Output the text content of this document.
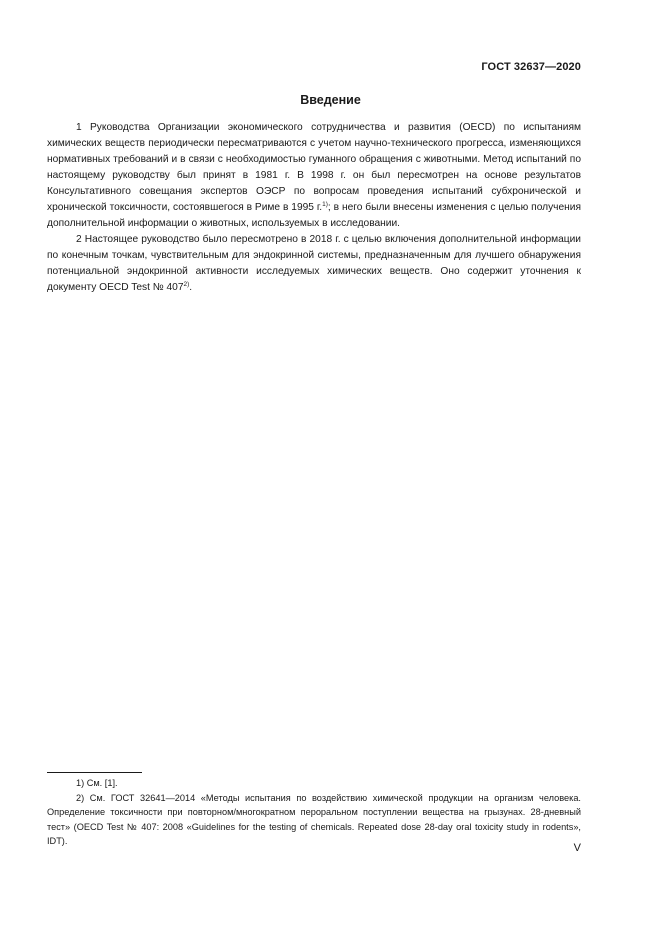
ГОСТ 32637—2020
Введение

1 Руководства Организации экономического сотрудничества и развития (OECD) по испытаниям химических веществ периодически пересматриваются с учетом научно-технического прогресса, изменяющихся нормативных требований и в связи с необходимостью гуманного обращения с животными. Метод испытаний по настоящему руководству был принят в 1981 г. В 1998 г. он был пересмотрен на основе результатов Консультативного совещания экспертов ОЭСР по вопросам проведения испытаний субхронической и хронической токсичности, состоявшегося в Риме в 1995 г.$^{1)}$; в него были внесены изменения с целью получения дополнительной информации о животных, используемых в исследовании.

2 Настоящее руководство было пересмотрено в 2018 г. с целью включения дополнительной информации по конечным точкам, чувствительным для эндокринной системы, предназначенным для лучшего обнаружения потенциальной эндокринной активности исследуемых химических веществ. Оно содержит уточнения к документу OECD Test № 407$^{2)}$.

1) См. [1].

2) См. ГОСТ 32641—2014 «Методы испытания по воздействию химической продукции на организм человека. Определение токсичности при повторном/многократном пероральном поступлении вещества на грызунах. 28-дневный тест» (OECD Test № 407: 2008 «Guidelines for the testing of chemicals. Repeated dose 28-day oral toxicity study in rodents», IDT).

V
